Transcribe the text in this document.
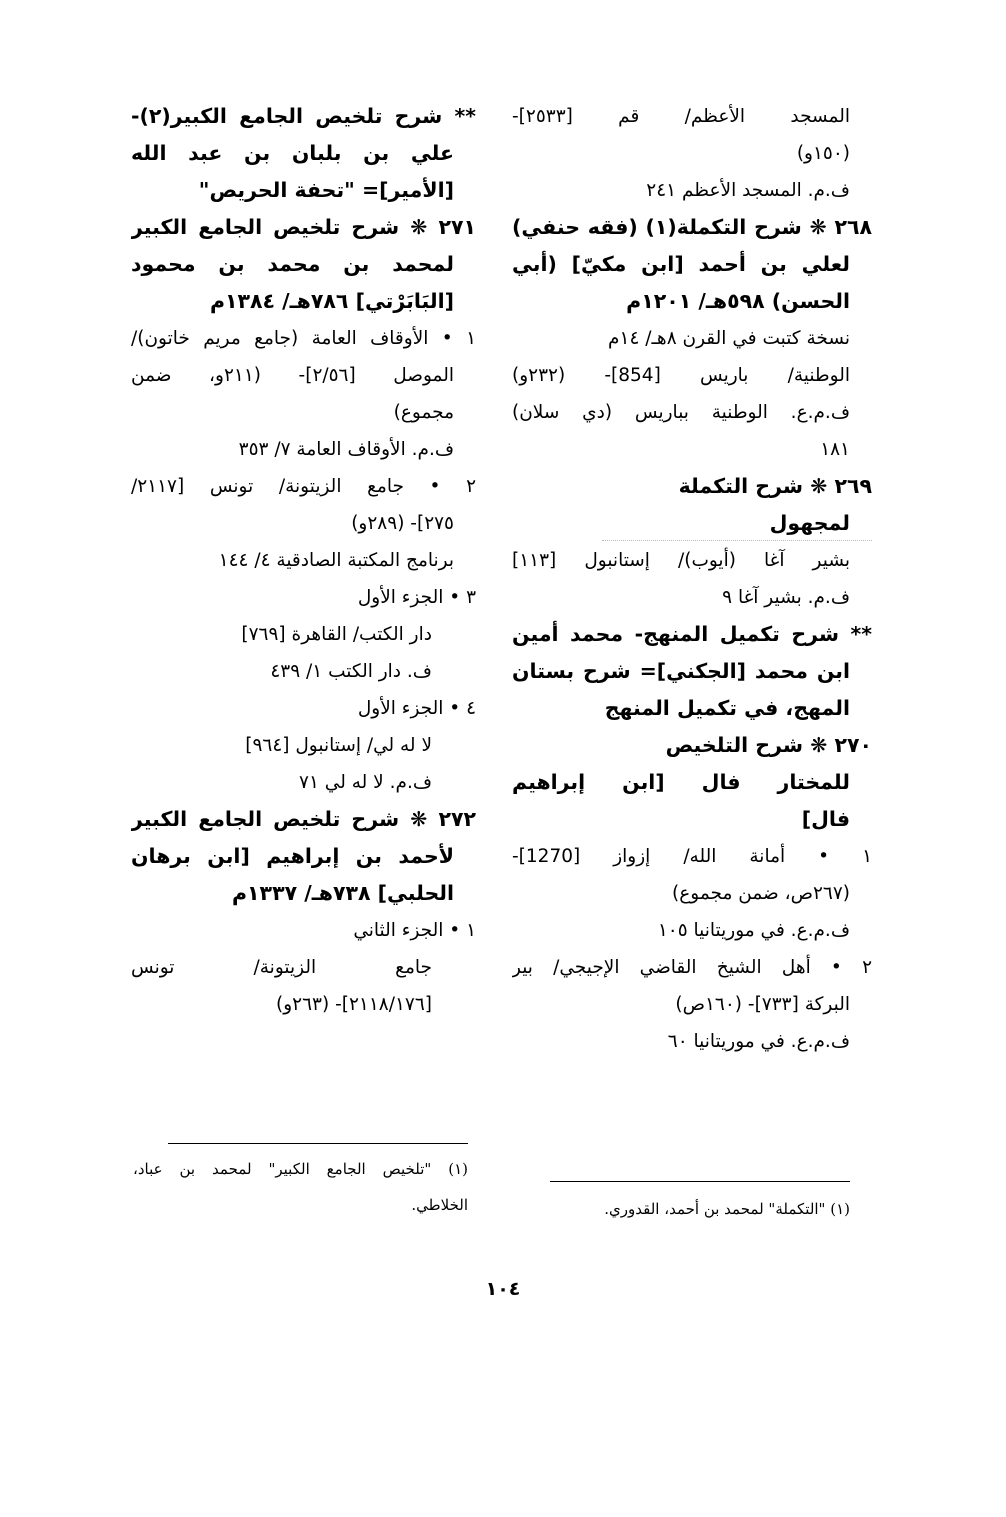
المسجد الأعظم/ قم [٢٥٣٣]-
(١٥٠و)
ف.م. المسجد الأعظم ٢٤١
٢٦٨ ❋ شرح التكملة(١) (فقه حنفي)
لعلي بن أحمد [ابن مكيّ] (أبي
الحسن) ٥٩٨هـ/ ١٢٠١م
نسخة كتبت في القرن ٨هـ/ ١٤م
الوطنية/ باريس [854]- (٢٣٢و)
ف.م.ع. الوطنية بباريس (دي سلان)
١٨١
٢٦٩ ❋ شرح التكملة
لمجهول
بشير آغا (أيوب)/ إستانبول [١١٣]
ف.م. بشير آغا ٩
** شرح تكميل المنهج- محمد أمين
ابن محمد [الجكني]= شرح بستان
المهج، في تكميل المنهج
٢٧٠ ❋ شرح التلخيص
للمختار فال [ابن إبراهيم
فال]
١ • أمانة الله/ إزواز [1270]-
(٢٦٧ص، ضمن مجموع)
ف.م.ع. في موريتانيا ١٠٥
٢ • أهل الشيخ القاضي الإجيجي/ بير
البركة [٧٣٣]- (١٦٠ص)
ف.م.ع. في موريتانيا ٦٠
** شرح تلخيص الجامع الكبير(٢)-
علي بن بلبان بن عبد الله
[الأمير]= "تحفة الحريص"
٢٧١ ❋ شرح تلخيص الجامع الكبير
لمحمد بن محمد بن محمود
[البَابَرْتي] ٧٨٦هـ/ ١٣٨٤م
١ • الأوقاف العامة (جامع مريم خاتون)/
الموصل [٢/٥٦]- (٢١١و، ضمن
مجموع)
ف.م. الأوقاف العامة ٧/ ٣٥٣
٢ • جامع الزيتونة/ تونس [٢١١٧/
٢٧٥]- (٢٨٩و)
برنامج المكتبة الصادقية ٤/ ١٤٤
٣ • الجزء الأول
دار الكتب/ القاهرة [٧٦٩]
ف. دار الكتب ١/ ٤٣٩
٤ • الجزء الأول
لا له لي/ إستانبول [٩٦٤]
ف.م. لا له لي ٧١
٢٧٢ ❋ شرح تلخيص الجامع الكبير
لأحمد بن إبراهيم [ابن برهان
الحلبي] ٧٣٨هـ/ ١٣٣٧م
١ • الجزء الثاني
جامع الزيتونة/ تونس
[٢١١٨/١٧٦]- (٢٦٣و)
(١) "التكملة" لمحمد بن أحمد، القدوري.
(١) "تلخيص الجامع الكبير" لمحمد بن عباد،
الخلاطي.
١٠٤
